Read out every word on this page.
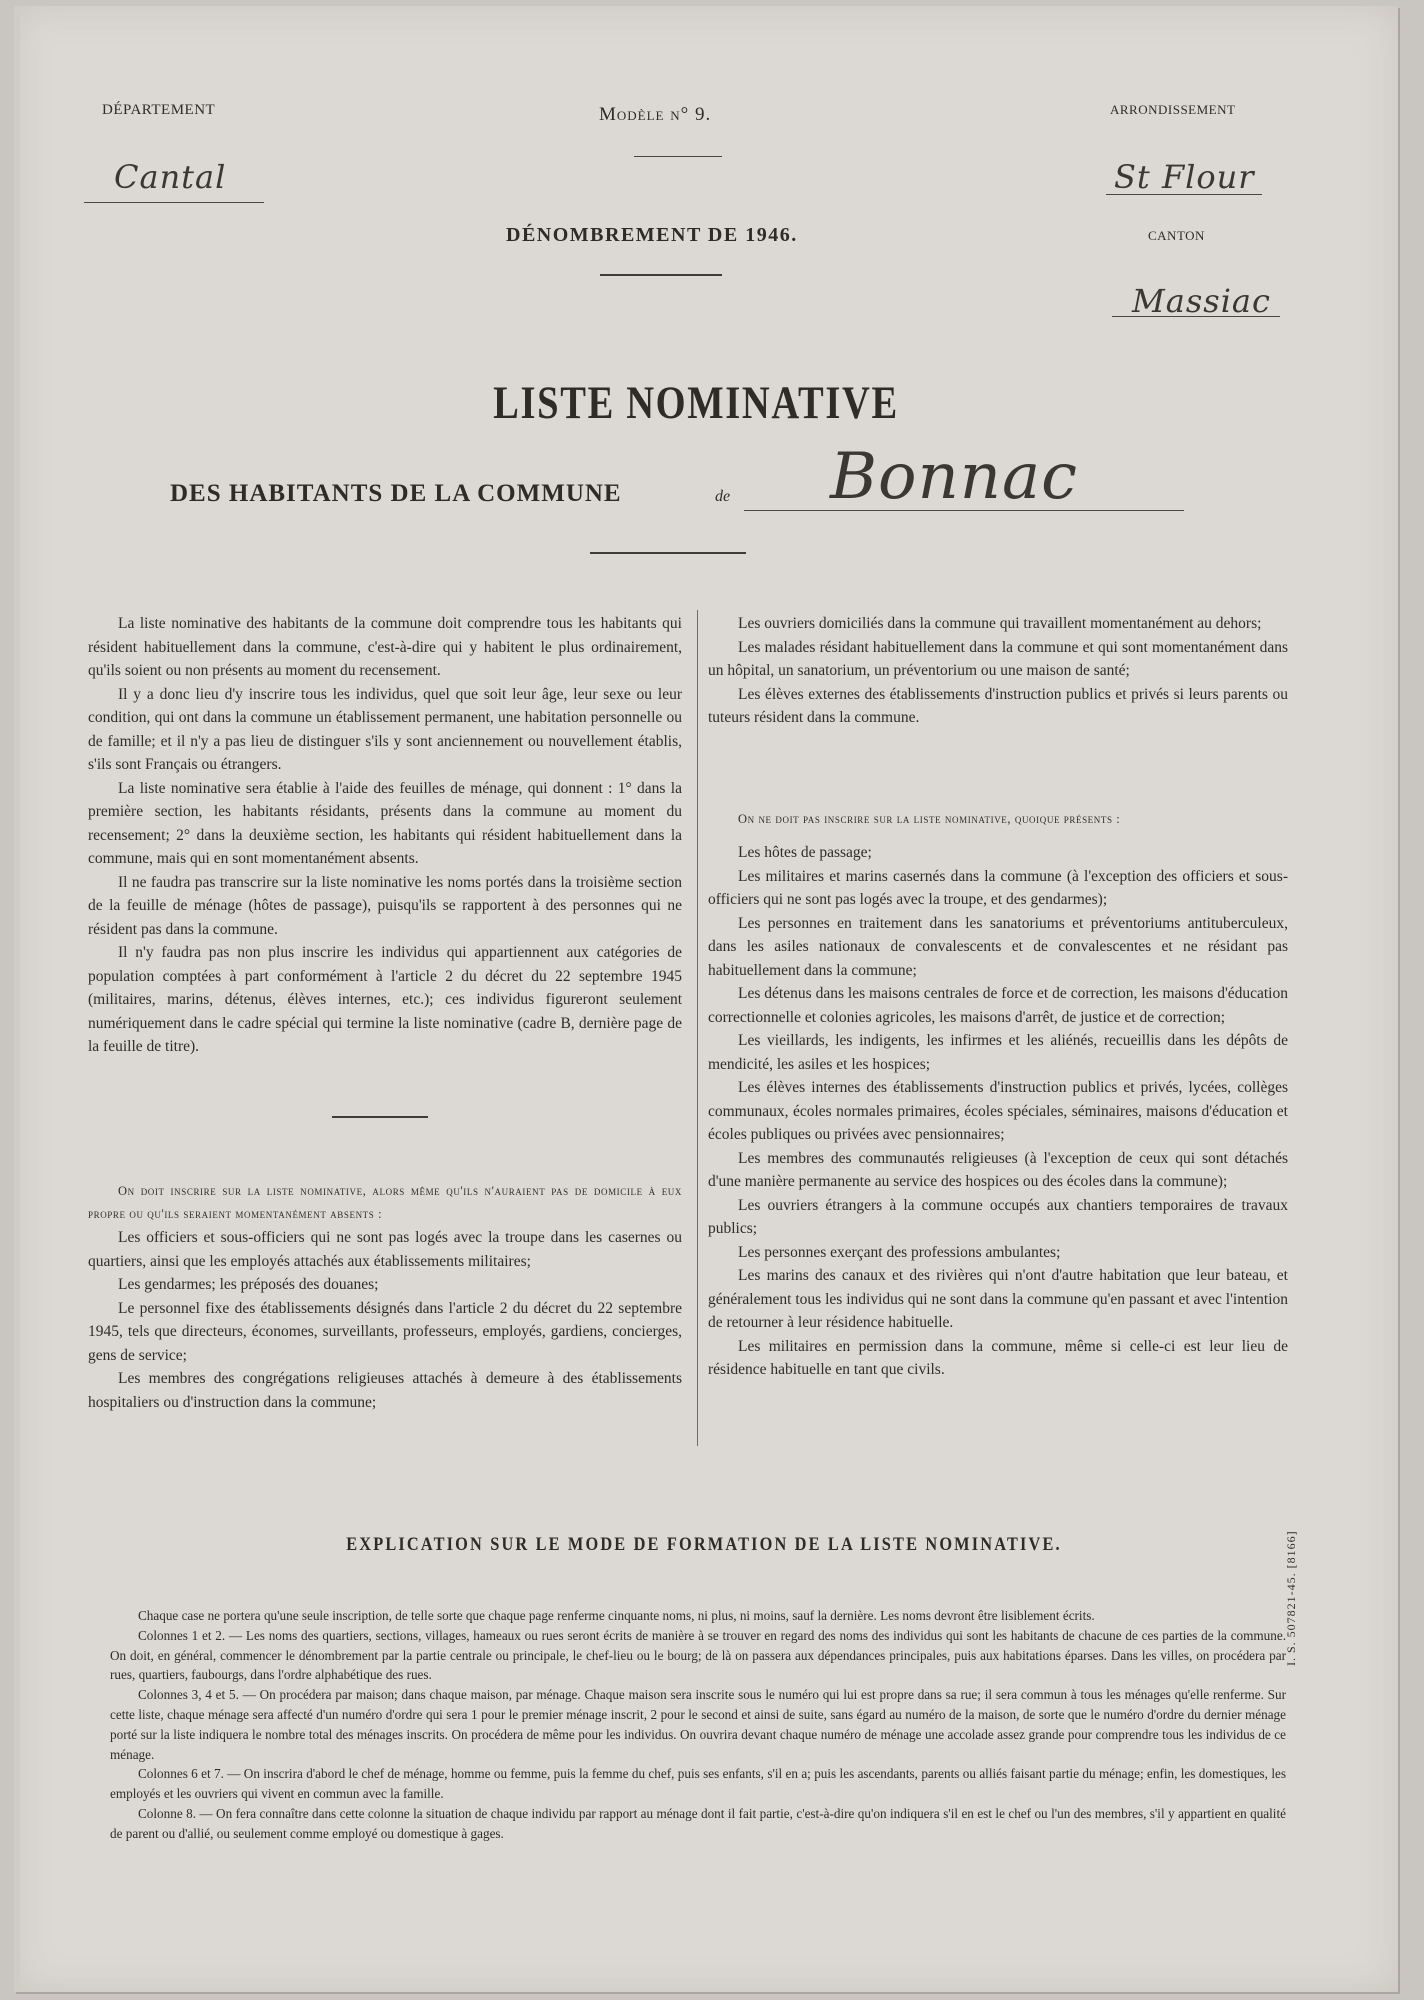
DÉPARTEMENT
Cantal
Modèle n° 9.	ARRONDISSEMENT
St Flour
DÉNOMBREMENT DE 1946.	CANTON
Massiac
LISTE NOMINATIVE
DES HABITANTS DE LA COMMUNE	de Bonnac

La liste nominative des habitants de la commune doit comprendre tous les habitants qui résident habituellement dans la commune, c'est-à-dire qui y habitent le plus ordinairement, qu'ils soient ou non présents au moment du recensement.

Il y a donc lieu d'y inscrire tous les individus, quel que soit leur âge, leur sexe ou leur condition, qui ont dans la commune un établissement permanent, une habitation personnelle ou de famille; et il n'y a pas lieu de distinguer s'ils y sont anciennement ou nouvellement établis, s'ils sont Français ou étrangers.

La liste nominative sera établie à l'aide des feuilles de ménage, qui donnent : 1° dans la première section, les habitants résidants, présents dans la commune au moment du recensement; 2° dans la deuxième section, les habitants qui résident habituellement dans la commune, mais qui en sont momentanément absents.

Il ne faudra pas transcrire sur la liste nominative les noms portés dans la troisième section de la feuille de ménage (hôtes de passage), puisqu'ils se rapportent à des personnes qui ne résident pas dans la commune.

Il n'y faudra pas non plus inscrire les individus qui appartiennent aux catégories de population comptées à part conformément à l'article 2 du décret du 22 septembre 1945 (militaires, marins, détenus, élèves internes, etc.); ces individus figureront seulement numériquement dans le cadre spécial qui termine la liste nominative (cadre B, dernière page de la feuille de titre).

On doit inscrire sur la liste nominative, alors même qu'ils n'auraient pas de domicile à eux propre ou qu'ils seraient momentanément absents :

Les officiers et sous-officiers qui ne sont pas logés avec la troupe dans les casernes ou quartiers, ainsi que les employés attachés aux établissements militaires;

Les gendarmes; les préposés des douanes;

Le personnel fixe des établissements désignés dans l'article 2 du décret du 22 septembre 1945, tels que directeurs, économes, surveillants, professeurs, employés, gardiens, concierges, gens de service;

Les membres des congrégations religieuses attachés à demeure à des établissements hospitaliers ou d'instruction dans la commune;

Les ouvriers domiciliés dans la commune qui travaillent momentanément au dehors;

Les malades résidant habituellement dans la commune et qui sont momentanément dans un hôpital, un sanatorium, un préventorium ou une maison de santé;

Les élèves externes des établissements d'instruction publics et privés si leurs parents ou tuteurs résident dans la commune.

On ne doit pas inscrire sur la liste nominative, quoique présents :

Les hôtes de passage;

Les militaires et marins casernés dans la commune (à l'exception des officiers et sous-officiers qui ne sont pas logés avec la troupe, et des gendarmes);

Les personnes en traitement dans les sanatoriums et préventoriums antituberculeux, dans les asiles nationaux de convalescents et de convalescentes et ne résidant pas habituellement dans la commune;

Les détenus dans les maisons centrales de force et de correction, les maisons d'éducation correctionnelle et colonies agricoles, les maisons d'arrêt, de justice et de correction;

Les vieillards, les indigents, les infirmes et les aliénés, recueillis dans les dépôts de mendicité, les asiles et les hospices;

Les élèves internes des établissements d'instruction publics et privés, lycées, collèges communaux, écoles normales primaires, écoles spéciales, séminaires, maisons d'éducation et écoles publiques ou privées avec pensionnaires;

Les membres des communautés religieuses (à l'exception de ceux qui sont détachés d'une manière permanente au service des hospices ou des écoles dans la commune);

Les ouvriers étrangers à la commune occupés aux chantiers temporaires de travaux publics;

Les personnes exerçant des professions ambulantes;

Les marins des canaux et des rivières qui n'ont d'autre habitation que leur bateau, et généralement tous les individus qui ne sont dans la commune qu'en passant et avec l'intention de retourner à leur résidence habituelle.

Les militaires en permission dans la commune, même si celle-ci est leur lieu de résidence habituelle en tant que civils.

EXPLICATION SUR LE MODE DE FORMATION DE LA LISTE NOMINATIVE.

Chaque case ne portera qu'une seule inscription, de telle sorte que chaque page renferme cinquante noms, ni plus, ni moins, sauf la dernière. Les noms devront être lisiblement écrits.

Colonnes 1 et 2. — Les noms des quartiers, sections, villages, hameaux ou rues seront écrits de manière à se trouver en regard des noms des individus qui sont les habitants de chacune de ces parties de la commune. On doit, en général, commencer le dénombrement par la partie centrale ou principale, le chef-lieu ou le bourg; de là on passera aux dépendances principales, puis aux habitations éparses. Dans les villes, on procédera par rues, quartiers, faubourgs, dans l'ordre alphabétique des rues.

Colonnes 3, 4 et 5. — On procédera par maison; dans chaque maison, par ménage. Chaque maison sera inscrite sous le numéro qui lui est propre dans sa rue; il sera commun à tous les ménages qu'elle renferme. Sur cette liste, chaque ménage sera affecté d'un numéro d'ordre qui sera 1 pour le premier ménage inscrit, 2 pour le second et ainsi de suite, sans égard au numéro de la maison, de sorte que le numéro d'ordre du dernier ménage porté sur la liste indiquera le nombre total des ménages inscrits. On procédera de même pour les individus. On ouvrira devant chaque numéro de ménage une accolade assez grande pour comprendre tous les individus de ce ménage.

Colonnes 6 et 7. — On inscrira d'abord le chef de ménage, homme ou femme, puis la femme du chef, puis ses enfants, s'il en a; puis les ascendants, parents ou alliés faisant partie du ménage; enfin, les domestiques, les employés et les ouvriers qui vivent en commun avec la famille.

Colonne 8. — On fera connaître dans cette colonne la situation de chaque individu par rapport au ménage dont il fait partie, c'est-à-dire qu'on indiquera s'il en est le chef ou l'un des membres, s'il y appartient en qualité de parent ou d'allié, ou seulement comme employé ou domestique à gages.

I. S. 507821-45. [8166]
